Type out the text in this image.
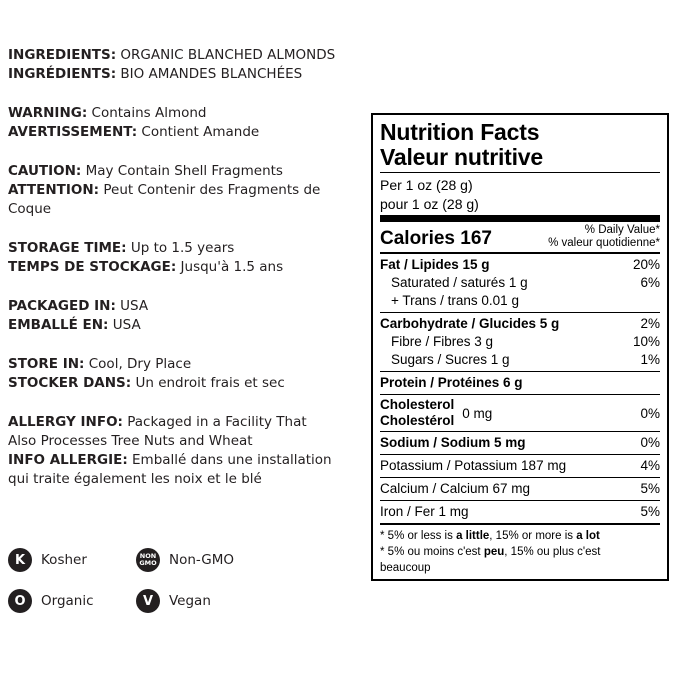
INGREDIENTS: ORGANIC BLANCHED ALMONDS
INGRÉDIENTS: BIO AMANDES BLANCHÉES
WARNING: Contains Almond
AVERTISSEMENT: Contient Amande
CAUTION: May Contain Shell Fragments
ATTENTION: Peut Contenir des Fragments de Coque
STORAGE TIME: Up to 1.5 years
TEMPS DE STOCKAGE: Jusqu'à 1.5 ans
PACKAGED IN: USA
EMBALLÉ EN: USA
STORE IN: Cool, Dry Place
STOCKER DANS: Un endroit frais et sec
ALLERGY INFO: Packaged in a Facility That
Also Processes Tree Nuts and Wheat
INFO ALLERGIE: Emballé dans une installation
qui traite également les noix et le blé
K	Kosher	NON
GMO Non-GMO
O	Organic	V	Vegan
Nutrition Facts
Valeur nutritive
Per 1 oz (28 g)
pour 1 oz (28 g)
Calories 167	% Daily Value*
% valeur quotidienne*
Fat / Lipides 15 g	20%
Saturated / saturés 1 g	6%
+ Trans / trans 0.01 g
Carbohydrate / Glucides 5 g	2%
Fibre / Fibres 3 g	10%
Sugars / Sucres 1 g	1%
Protein / Protéines 6 g
Cholesterol
Cholestérol 0 mg	0%
Sodium / Sodium 5 mg	0%
Potassium / Potassium 187 mg	4%
Calcium / Calcium 67 mg	5%
Iron / Fer 1 mg	5%
* 5% or less is a little, 15% or more is a lot
* 5% ou moins c'est peu, 15% ou plus c'est
beaucoup
